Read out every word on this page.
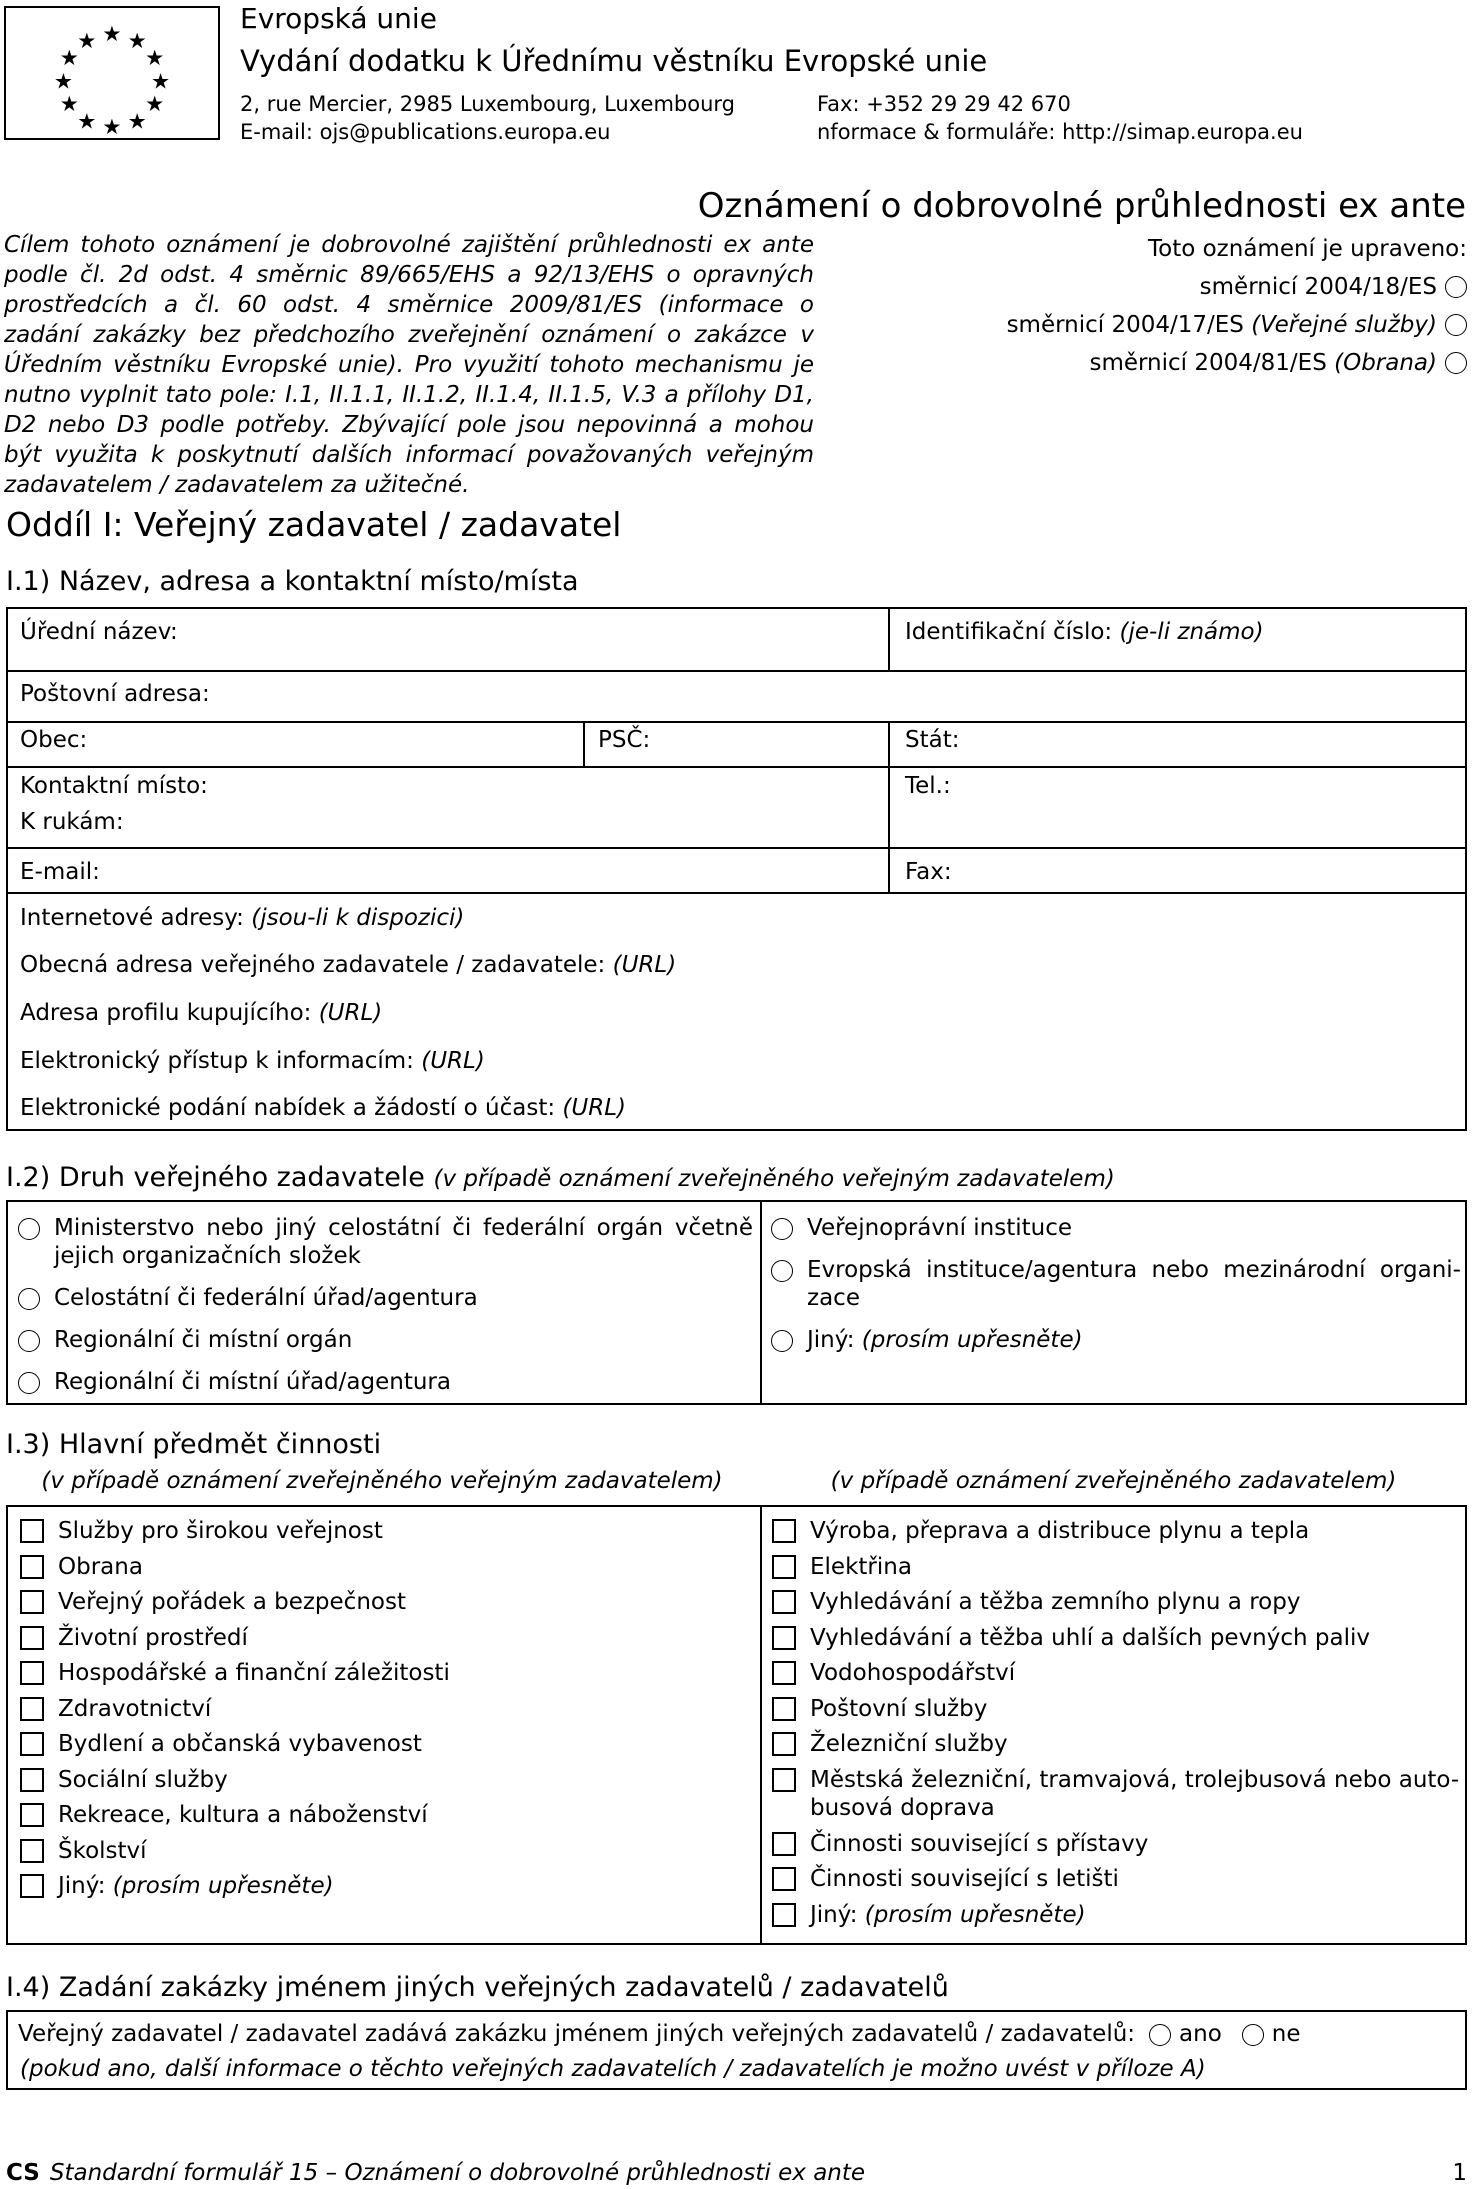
★ ★
★
★
★
★
★
★
★
★
★
★
Evropská unie
Vydání dodatku k Úřednímu věstníku Evropské unie
2, rue Mercier, 2985 Luxembourg, Luxembourg
E-mail: ojs@publications.europa.eu
Fax: +352 29 29 42 670
nformace & formuláře: http://simap.europa.eu
Oznámení o dobrovolné průhlednosti ex ante
Cílem tohoto oznámení je dobrovolné zajištění průhlednosti ex ante podle čl. 2d odst. 4 směrnic 89/665/EHS a 92/13/EHS o opravných prostředcích a čl. 60 odst. 4 směrnice 2009/81/ES (informace o zadání zakázky bez předchozího zveřejnění oznámení o zakázce v Úředním věstníku Evropské unie). Pro využití tohoto mechanismu je nutno vyplnit tato pole: I.1, II.1.1, II.1.2, II.1.4, II.1.5, V.3 a přílohy D1, D2 nebo D3 podle potřeby. Zbývající pole jsou nepovinná a mohou být využita k poskytnutí dalších informací považovaných veřejným zadavatelem / zadavatelem za užitečné.
Toto oznámení je upraveno:
směrnicí 2004/18/ES
směrnicí 2004/17/ES (Veřejné služby)
směrnicí 2004/81/ES (Obrana)
Oddíl I: Veřejný zadavatel / zadavatel
I.1) Název, adresa a kontaktní místo/místa
Úřední název:	Identifikační číslo: (je-li známo)
Poštovní adresa:
Obec:	PSČ:	Stát:
Kontaktní místo:
K rukám:
Tel.:
E-mail:	Fax:
Internetové adresy: (jsou-li k dispozici)
Obecná adresa veřejného zadavatele / zadavatele: (URL)
Adresa profilu kupujícího: (URL)
Elektronický přístup k informacím: (URL)
Elektronické podání nabídek a žádostí o účast: (URL)
I.2) Druh veřejného zadavatele (v případě oznámení zveřejněného veřejným zadavatelem)
Ministerstvo nebo jiný celostátní či federální orgán včetně jejich organizačních složek
Celostátní či federální úřad/agentura
Regionální či místní orgán
Regionální či místní úřad/agentura
Veřejnoprávní instituce
Evropská instituce/agentura nebo mezinárodní organi-zace
Jiný: (prosím upřesněte)
I.3) Hlavní předmět činnosti
(v případě oznámení zveřejněného veřejným zadavatelem)	(v případě oznámení zveřejněného zadavatelem)
Služby pro širokou veřejnost
Obrana
Veřejný pořádek a bezpečnost
Životní prostředí
Hospodářské a finanční záležitosti
Zdravotnictví
Bydlení a občanská vybavenost
Sociální služby
Rekreace, kultura a náboženství
Školství
Jiný: (prosím upřesněte)
Výroba, přeprava a distribuce plynu a tepla
Elektřina
Vyhledávání a těžba zemního plynu a ropy
Vyhledávání a těžba uhlí a dalších pevných paliv
Vodohospodářství
Poštovní služby
Železniční služby
Městská železniční, tramvajová, trolejbusová nebo auto-busová doprava
Činnosti související s přístavy
Činnosti související s letišti
Jiný: (prosím upřesněte)
I.4) Zadání zakázky jménem jiných veřejných zadavatelů / zadavatelů
Veřejný zadavatel / zadavatel zadává zakázku jménem jiných veřejných zadavatelů / zadavatelů: ano ne
(pokud ano, další informace o těchto veřejných zadavatelích / zadavatelích je možno uvést v příloze A)
CS Standardní formulář 15 – Oznámení o dobrovolné průhlednosti ex ante	1
